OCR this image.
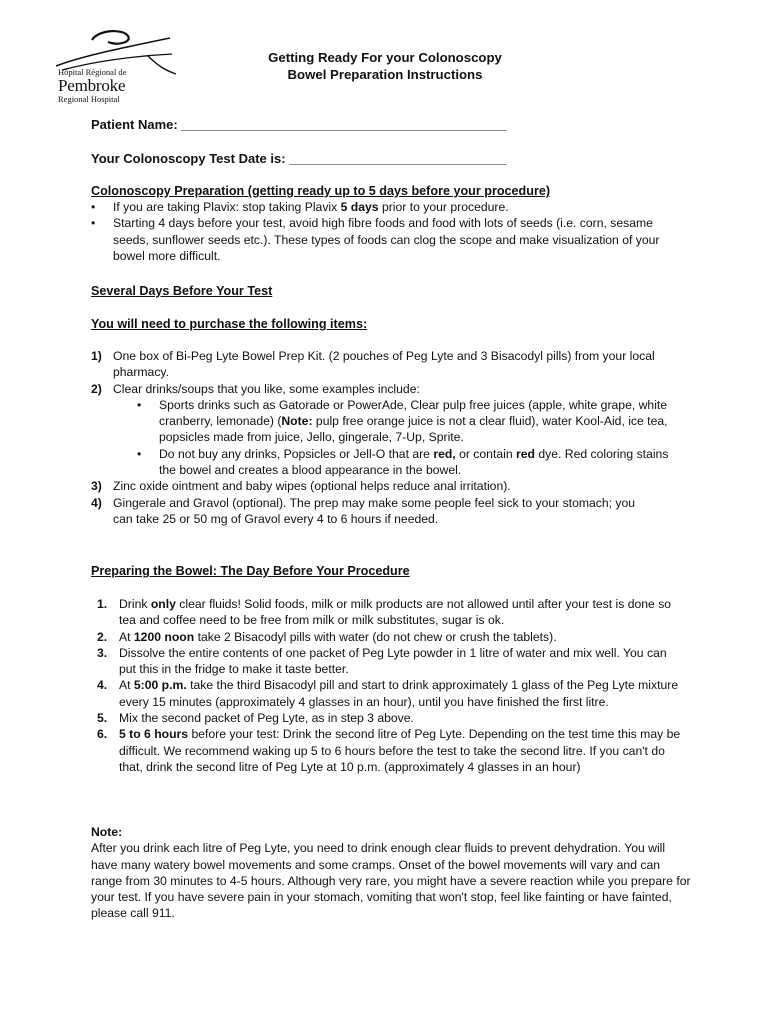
Hôpital Régional de
Pembroke
Regional Hospital
Getting Ready For your Colonoscopy
Bowel Preparation Instructions
Patient Name: _____________________________________________
Your Colonoscopy Test Date is: ______________________________
Colonoscopy Preparation (getting ready up to 5 days before your procedure)
• If you are taking Plavix: stop taking Plavix 5 days prior to your procedure.
• Starting 4 days before your test, avoid high fibre foods and food with lots of seeds (i.e. corn, sesame seeds, sunflower seeds etc.). These types of foods can clog the scope and make visualization of your bowel more difficult.
Several Days Before Your Test
You will need to purchase the following items:
1) One box of Bi-Peg Lyte Bowel Prep Kit. (2 pouches of Peg Lyte and 3 Bisacodyl pills) from your local pharmacy.
2) Clear drinks/soups that you like, some examples include:
• Sports drinks such as Gatorade or PowerAde, Clear pulp free juices (apple, white grape, white cranberry, lemonade) (Note: pulp free orange juice is not a clear fluid), water Kool-Aid, ice tea, popsicles made from juice, Jello, gingerale, 7-Up, Sprite.
• Do not buy any drinks, Popsicles or Jell-O that are red, or contain red dye. Red coloring stains the bowel and creates a blood appearance in the bowel.
3) Zinc oxide ointment and baby wipes (optional helps reduce anal irritation).
4) Gingerale and Gravol (optional). The prep may make some people feel sick to your stomach; you can take 25 or 50 mg of Gravol every 4 to 6 hours if needed.
Preparing the Bowel: The Day Before Your Procedure
1. Drink only clear fluids! Solid foods, milk or milk products are not allowed until after your test is done so tea and coffee need to be free from milk or milk substitutes, sugar is ok.
2. At 1200 noon take 2 Bisacodyl pills with water (do not chew or crush the tablets).
3. Dissolve the entire contents of one packet of Peg Lyte powder in 1 litre of water and mix well. You can put this in the fridge to make it taste better.
4. At 5:00 p.m. take the third Bisacodyl pill and start to drink approximately 1 glass of the Peg Lyte mixture every 15 minutes (approximately 4 glasses in an hour), until you have finished the first litre.
5. Mix the second packet of Peg Lyte, as in step 3 above.
6. 5 to 6 hours before your test: Drink the second litre of Peg Lyte. Depending on the test time this may be difficult. We recommend waking up 5 to 6 hours before the test to take the second litre. If you can't do that, drink the second litre of Peg Lyte at 10 p.m. (approximately 4 glasses in an hour)
Note:
After you drink each litre of Peg Lyte, you need to drink enough clear fluids to prevent dehydration. You will have many watery bowel movements and some cramps. Onset of the bowel movements will vary and can range from 30 minutes to 4-5 hours. Although very rare, you might have a severe reaction while you prepare for your test. If you have severe pain in your stomach, vomiting that won't stop, feel like fainting or have fainted, please call 911.
